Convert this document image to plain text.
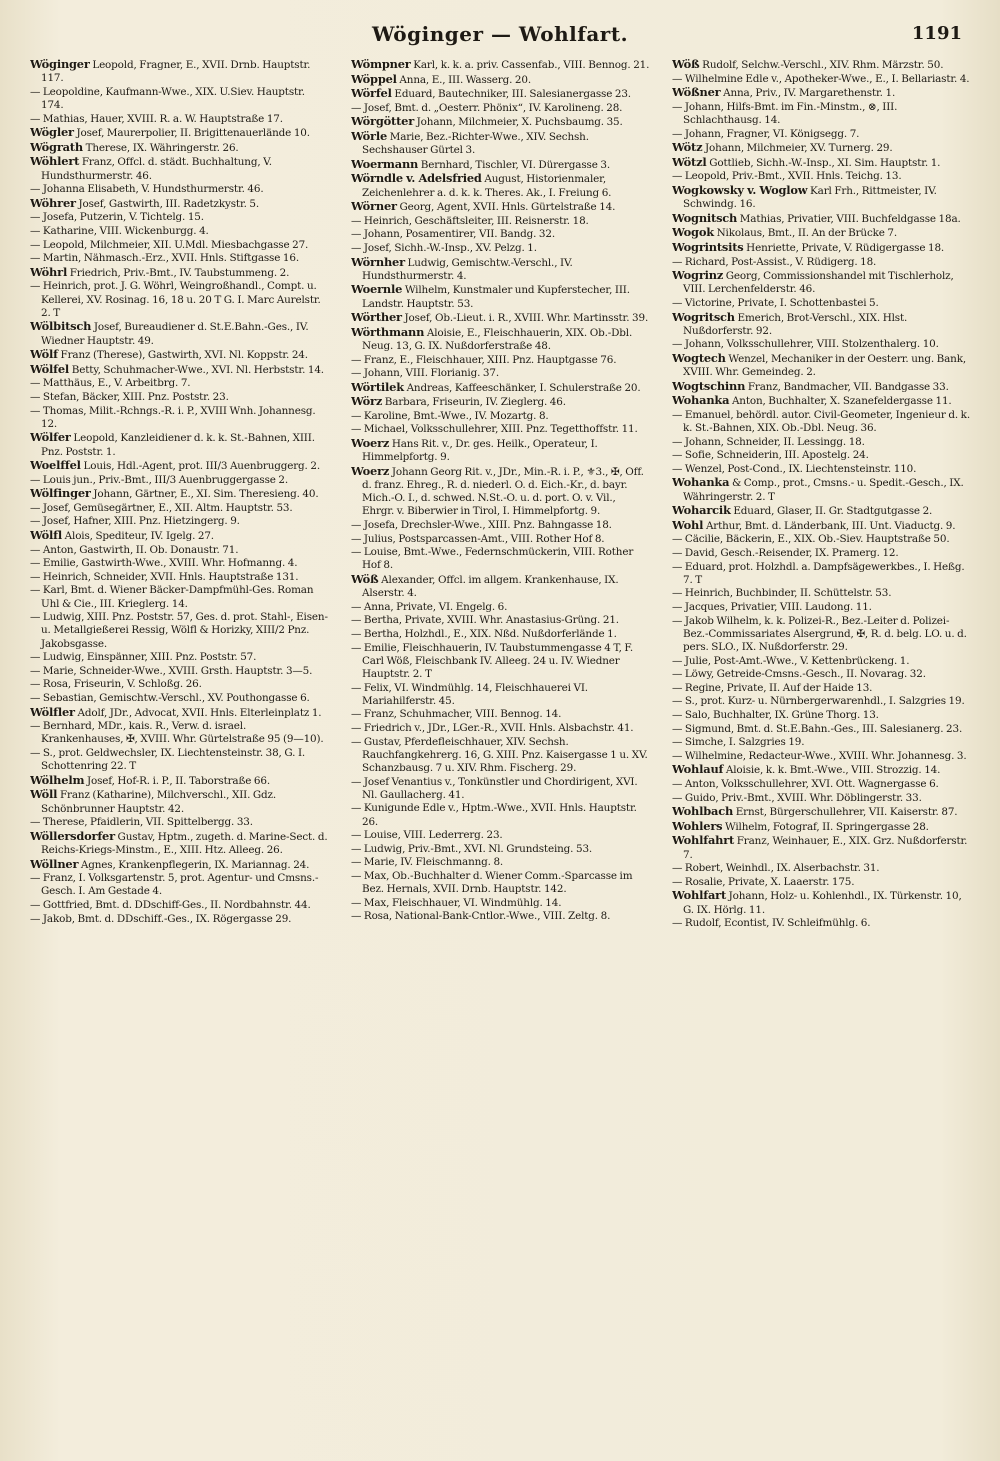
Wöginger — Wohlfart.	1191

Wöginger Leopold, Fragner, E., XVII. Drnb. Hauptstr. 117.

— Leopoldine, Kaufmann-Wwe., XIX. U.Siev. Hauptstr. 174.

— Mathias, Hauer, XVIII. R. a. W. Hauptstraße 17.

Wögler Josef, Maurerpolier, II. Brigittenauerlände 10.

Wögrath Therese, IX. Währingerstr. 26.

Wöhlert Franz, Offcl. d. städt. Buchhaltung, V. Hundsthurmerstr. 46.

— Johanna Elisabeth, V. Hundsthurmerstr. 46.

Wöhrer Josef, Gastwirth, III. Radetzkystr. 5.

— Josefa, Putzerin, V. Tichtelg. 15.

— Katharine, VIII. Wickenburgg. 4.

— Leopold, Milchmeier, XII. U.Mdl. Miesbachgasse 27.

— Martin, Nähmasch.-Erz., XVII. Hnls. Stiftgasse 16.

Wöhrl Friedrich, Priv.-Bmt., IV. Taubstummeng. 2.

— Heinrich, prot. J. G. Wöhrl, Weingroßhandl., Compt. u. Kellerei, XV. Rosinag. 16, 18 u. 20 T G. I. Marc Aurelstr. 2. T

Wölbitsch Josef, Bureaudiener d. St.E.Bahn.-Ges., IV. Wiedner Hauptstr. 49.

Wölf Franz (Therese), Gastwirth, XVI. Nl. Koppstr. 24.

Wölfel Betty, Schuhmacher-Wwe., XVI. Nl. Herbststr. 14.

— Matthäus, E., V. Arbeitbrg. 7.

— Stefan, Bäcker, XIII. Pnz. Poststr. 23.

— Thomas, Milit.-Rchngs.-R. i. P., XVIII Wnh. Johannesg. 12.

Wölfer Leopold, Kanzleidiener d. k. k. St.-Bahnen, XIII. Pnz. Poststr. 1.

Woelffel Louis, Hdl.-Agent, prot. III/3 Auenbruggerg. 2.

— Louis jun., Priv.-Bmt., III/3 Auenbruggergasse 2.

Wölfinger Johann, Gärtner, E., XI. Sim. Theresieng. 40.

— Josef, Gemüsegärtner, E., XII. Altm. Hauptstr. 53.

— Josef, Hafner, XIII. Pnz. Hietzingerg. 9.

Wölfl Alois, Spediteur, IV. Igelg. 27.

— Anton, Gastwirth, II. Ob. Donaustr. 71.

— Emilie, Gastwirth-Wwe., XVIII. Whr. Hofmanng. 4.

— Heinrich, Schneider, XVII. Hnls. Hauptstraße 131.

— Karl, Bmt. d. Wiener Bäcker-Dampfmühl-Ges. Roman Uhl & Cie., III. Krieglerg. 14.

— Ludwig, XIII. Pnz. Poststr. 57, Ges. d. prot. Stahl-, Eisen- u. Metallgießerei Ressig, Wölfl & Horizky, XIII/2 Pnz. Jakobsgasse.

— Ludwig, Einspänner, XIII. Pnz. Poststr. 57.

— Marie, Schneider-Wwe., XVIII. Grsth. Hauptstr. 3—5.

— Rosa, Friseurin, V. Schloßg. 26.

— Sebastian, Gemischtw.-Verschl., XV. Pouthongasse 6.

Wölfler Adolf, JDr., Advocat, XVII. Hnls. Elterleinplatz 1.

— Bernhard, MDr., kais. R., Verw. d. israel. Krankenhauses, ✠, XVIII. Whr. Gürtelstraße 95 (9—10).

— S., prot. Geldwechsler, IX. Liechtensteinstr. 38, G. I. Schottenring 22. T

Wölhelm Josef, Hof-R. i. P., II. Taborstraße 66.

Wöll Franz (Katharine), Milchverschl., XII. Gdz. Schönbrunner Hauptstr. 42.

— Therese, Pfaidlerin, VII. Spittelbergg. 33.

Wöllersdorfer Gustav, Hptm., zugeth. d. Marine-Sect. d. Reichs-Kriegs-Minstm., E., XIII. Htz. Alleeg. 26.

Wöllner Agnes, Krankenpflegerin, IX. Mariannag. 24.

— Franz, I. Volksgartenstr. 5, prot. Agentur- und Cmsns.-Gesch. I. Am Gestade 4.

— Gottfried, Bmt. d. DDschiff-Ges., II. Nordbahnstr. 44.

— Jakob, Bmt. d. DDschiff.-Ges., IX. Rögergasse 29.

Wömpner Karl, k. k. a. priv. Cassenfab., VIII. Bennog. 21.

Wöppel Anna, E., III. Wasserg. 20.

Wörfel Eduard, Bautechniker, III. Salesianergasse 23.

— Josef, Bmt. d. „Oesterr. Phönix“, IV. Karolineng. 28.

Wörgötter Johann, Milchmeier, X. Puchsbaumg. 35.

Wörle Marie, Bez.-Richter-Wwe., XIV. Sechsh. Sechshauser Gürtel 3.

Woermann Bernhard, Tischler, VI. Dürergasse 3.

Wörndle v. Adelsfried August, Historienmaler, Zeichenlehrer a. d. k. k. Theres. Ak., I. Freiung 6.

Wörner Georg, Agent, XVII. Hnls. Gürtelstraße 14.

— Heinrich, Geschäftsleiter, III. Reisnerstr. 18.

— Johann, Posamentirer, VII. Bandg. 32.

— Josef, Sichh.-W.-Insp., XV. Pelzg. 1.

Wörnher Ludwig, Gemischtw.-Verschl., IV. Hundsthurmerstr. 4.

Woernle Wilhelm, Kunstmaler und Kupferstecher, III. Landstr. Hauptstr. 53.

Wörther Josef, Ob.-Lieut. i. R., XVIII. Whr. Martinsstr. 39.

Wörthmann Aloisie, E., Fleischhauerin, XIX. Ob.-Dbl. Neug. 13, G. IX. Nußdorferstraße 48.

— Franz, E., Fleischhauer, XIII. Pnz. Hauptgasse 76.

— Johann, VIII. Florianig. 37.

Wörtilek Andreas, Kaffeeschänker, I. Schulerstraße 20.

Wörz Barbara, Friseurin, IV. Zieglerg. 46.

— Karoline, Bmt.-Wwe., IV. Mozartg. 8.

— Michael, Volksschullehrer, XIII. Pnz. Tegetthoffstr. 11.

Woerz Hans Rit. v., Dr. ges. Heilk., Operateur, I. Himmelpfortg. 9.

Woerz Johann Georg Rit. v., JDr., Min.-R. i. P., ⚜3., ✠, Off. d. franz. Ehreg., R. d. niederl. O. d. Eich.-Kr., d. bayr. Mich.-O. I., d. schwed. N.St.-O. u. d. port. O. v. Vil., Ehrgr. v. Biberwier in Tirol, I. Himmelpfortg. 9.

— Josefa, Drechsler-Wwe., XIII. Pnz. Bahngasse 18.

— Julius, Postsparcassen-Amt., VIII. Rother Hof 8.

— Louise, Bmt.-Wwe., Federnschmückerin, VIII. Rother Hof 8.

Wöß Alexander, Offcl. im allgem. Krankenhause, IX. Alserstr. 4.

— Anna, Private, VI. Engelg. 6.

— Bertha, Private, XVIII. Whr. Anastasius-Grüng. 21.

— Bertha, Holzhdl., E., XIX. Nßd. Nußdorferlände 1.

— Emilie, Fleischhauerin, IV. Taubstummengasse 4 T, F. Carl Wöß, Fleischbank IV. Alleeg. 24 u. IV. Wiedner Hauptstr. 2. T

— Felix, VI. Windmühlg. 14, Fleischhauerei VI. Mariahilferstr. 45.

— Franz, Schuhmacher, VIII. Bennog. 14.

— Friedrich v., JDr., LGer.-R., XVII. Hnls. Alsbachstr. 41.

— Gustav, Pferdefleischhauer, XIV. Sechsh. Rauchfangkehrerg. 16, G. XIII. Pnz. Kaisergasse 1 u. XV. Schanzbausg. 7 u. XIV. Rhm. Fischerg. 29.

— Josef Venantius v., Tonkünstler und Chordirigent, XVI. Nl. Gaullacherg. 41.

— Kunigunde Edle v., Hptm.-Wwe., XVII. Hnls. Hauptstr. 26.

— Louise, VIII. Lederrerg. 23.

— Ludwig, Priv.-Bmt., XVI. Nl. Grundsteing. 53.

— Marie, IV. Fleischmanng. 8.

— Max, Ob.-Buchhalter d. Wiener Comm.-Sparcasse im Bez. Hernals, XVII. Drnb. Hauptstr. 142.

— Max, Fleischhauer, VI. Windmühlg. 14.

— Rosa, National-Bank-Cntlor.-Wwe., VIII. Zeltg. 8.

Wöß Rudolf, Selchw.-Verschl., XIV. Rhm. Märzstr. 50.

— Wilhelmine Edle v., Apotheker-Wwe., E., I. Bellariastr. 4.

Wößner Anna, Priv., IV. Margarethenstr. 1.

— Johann, Hilfs-Bmt. im Fin.-Minstm., ⊗, III. Schlachthausg. 14.

— Johann, Fragner, VI. Königsegg. 7.

Wötz Johann, Milchmeier, XV. Turnerg. 29.

Wötzl Gottlieb, Sichh.-W.-Insp., XI. Sim. Hauptstr. 1.

— Leopold, Priv.-Bmt., XVII. Hnls. Teichg. 13.

Wogkowsky v. Woglow Karl Frh., Rittmeister, IV. Schwindg. 16.

Wognitsch Mathias, Privatier, VIII. Buchfeldgasse 18a.

Wogok Nikolaus, Bmt., II. An der Brücke 7.

Wogrintsits Henriette, Private, V. Rüdigergasse 18.

— Richard, Post-Assist., V. Rüdigerg. 18.

Wogrinz Georg, Commissionshandel mit Tischlerholz, VIII. Lerchenfelderstr. 46.

— Victorine, Private, I. Schottenbastei 5.

Wogritsch Emerich, Brot-Verschl., XIX. Hlst. Nußdorferstr. 92.

— Johann, Volksschullehrer, VIII. Stolzenthalerg. 10.

Wogtech Wenzel, Mechaniker in der Oesterr. ung. Bank, XVIII. Whr. Gemeindeg. 2.

Wogtschinn Franz, Bandmacher, VII. Bandgasse 33.

Wohanka Anton, Buchhalter, X. Szanefeldergasse 11.

— Emanuel, behördl. autor. Civil-Geometer, Ingenieur d. k. k. St.-Bahnen, XIX. Ob.-Dbl. Neug. 36.

— Johann, Schneider, II. Lessingg. 18.

— Sofie, Schneiderin, III. Apostelg. 24.

— Wenzel, Post-Cond., IX. Liechtensteinstr. 110.

Wohanka & Comp., prot., Cmsns.- u. Spedit.-Gesch., IX. Währingerstr. 2. T

Woharcik Eduard, Glaser, II. Gr. Stadtgutgasse 2.

Wohl Arthur, Bmt. d. Länderbank, III. Unt. Viaductg. 9.

— Cäcilie, Bäckerin, E., XIX. Ob.-Siev. Hauptstraße 50.

— David, Gesch.-Reisender, IX. Pramerg. 12.

— Eduard, prot. Holzhdl. a. Dampfsägewerkbes., I. Heßg. 7. T

— Heinrich, Buchbinder, II. Schüttelstr. 53.

— Jacques, Privatier, VIII. Laudong. 11.

— Jakob Wilhelm, k. k. Polizei-R., Bez.-Leiter d. Polizei-Bez.-Commissariates Alsergrund, ✠, R. d. belg. LO. u. d. pers. SLO., IX. Nußdorferstr. 29.

— Julie, Post-Amt.-Wwe., V. Kettenbrückeng. 1.

— Löwy, Getreide-Cmsns.-Gesch., II. Novarag. 32.

— Regine, Private, II. Auf der Haide 13.

— S., prot. Kurz- u. Nürnbergerwarenhdl., I. Salzgries 19.

— Salo, Buchhalter, IX. Grüne Thorg. 13.

— Sigmund, Bmt. d. St.E.Bahn.-Ges., III. Salesianerg. 23.

— Simche, I. Salzgries 19.

— Wilhelmine, Redacteur-Wwe., XVIII. Whr. Johannesg. 3.

Wohlauf Aloisie, k. k. Bmt.-Wwe., VIII. Strozzig. 14.

— Anton, Volksschullehrer, XVI. Ott. Wagnergasse 6.

— Guido, Priv.-Bmt., XVIII. Whr. Döblingerstr. 33.

Wohlbach Ernst, Bürgerschullehrer, VII. Kaiserstr. 87.

Wohlers Wilhelm, Fotograf, II. Springergasse 28.

Wohlfahrt Franz, Weinhauer, E., XIX. Grz. Nußdorferstr. 7.

— Robert, Weinhdl., IX. Alserbachstr. 31.

— Rosalie, Private, X. Laaerstr. 175.

Wohlfart Johann, Holz- u. Kohlenhdl., IX. Türkenstr. 10, G. IX. Hörlg. 11.

— Rudolf, Econtist, IV. Schleifmühlg. 6.
